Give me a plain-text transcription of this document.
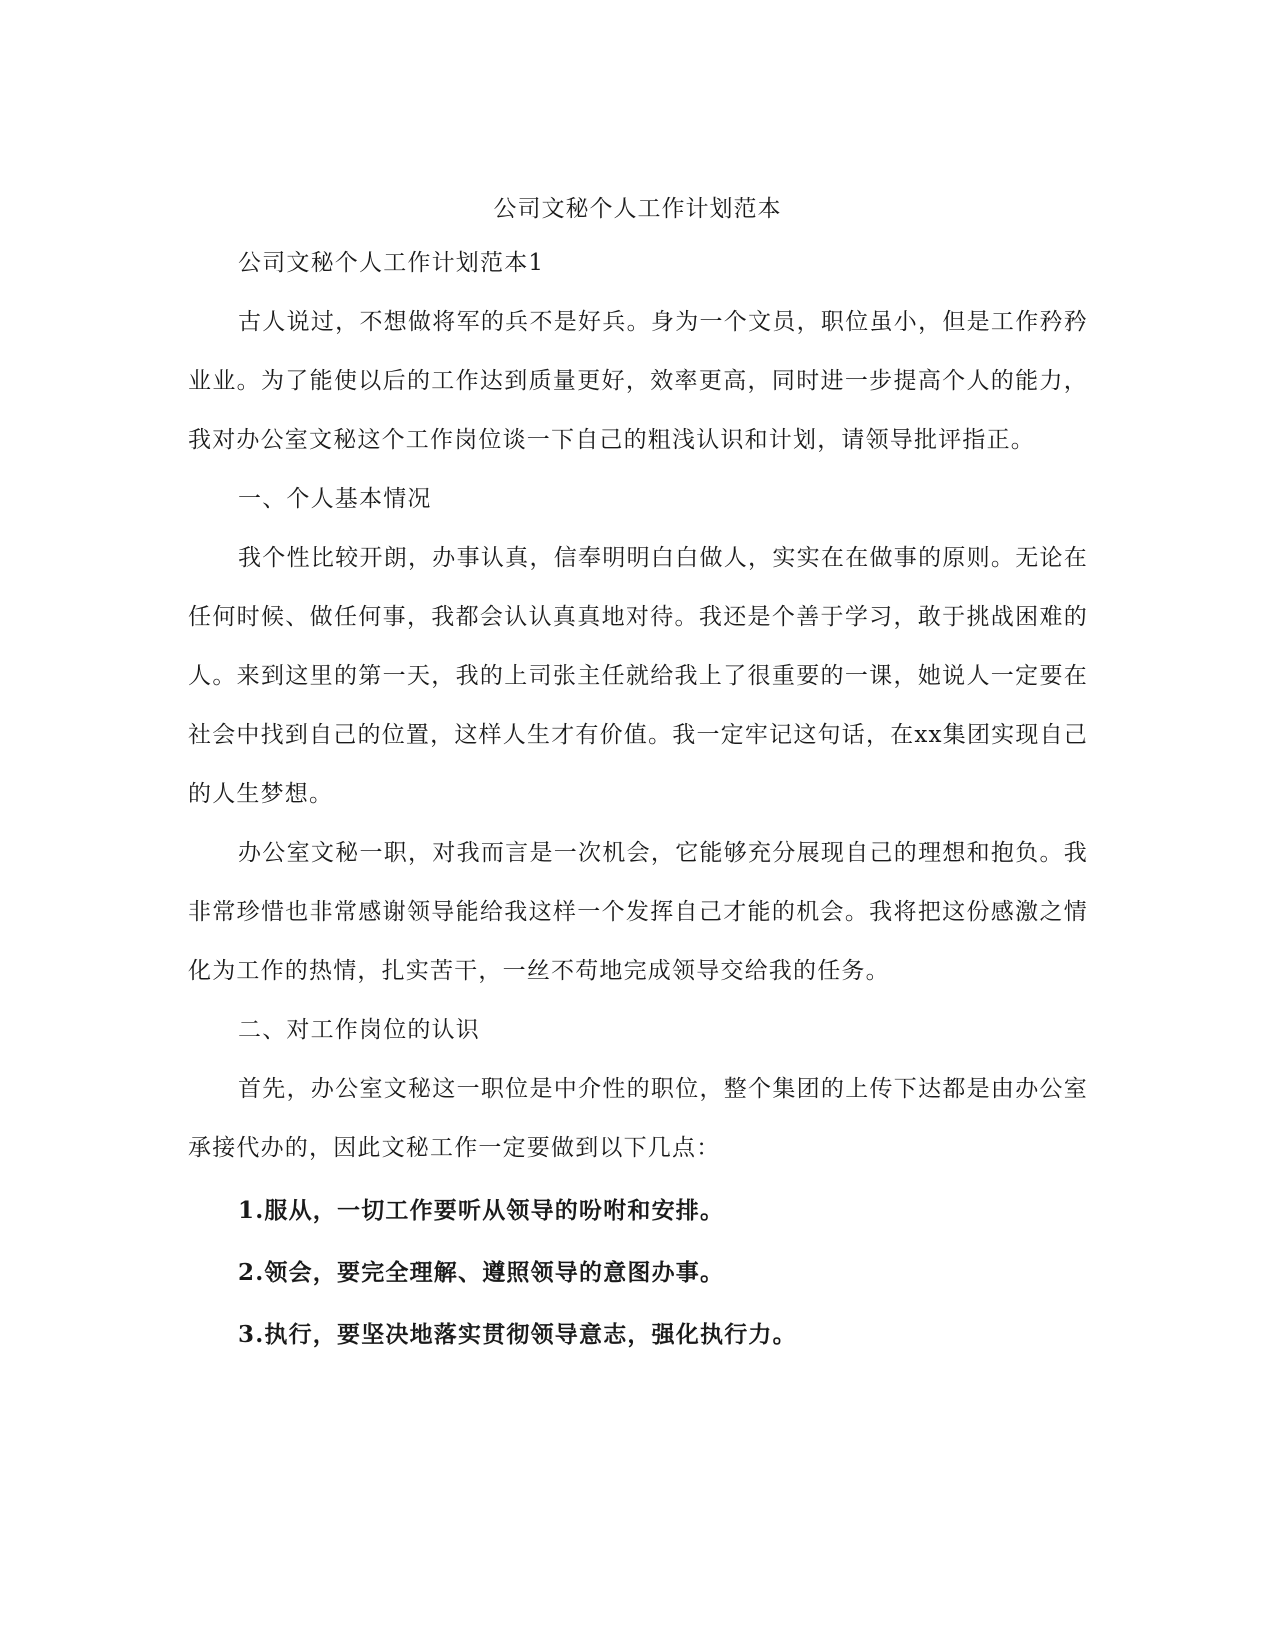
公司文秘个人工作计划范本

公司文秘个人工作计划范本1

古人说过，不想做将军的兵不是好兵。身为一个文员，职位虽小，但是工作矜矜业业。为了能使以后的工作达到质量更好，效率更高，同时进一步提高个人的能力，我对办公室文秘这个工作岗位谈一下自己的粗浅认识和计划，请领导批评指正。

一、个人基本情况

我个性比较开朗，办事认真，信奉明明白白做人，实实在在做事的原则。无论在任何时候、做任何事，我都会认认真真地对待。我还是个善于学习，敢于挑战困难的人。来到这里的第一天，我的上司张主任就给我上了很重要的一课，她说人一定要在社会中找到自己的位置，这样人生才有价值。我一定牢记这句话，在xx集团实现自己的人生梦想。

办公室文秘一职，对我而言是一次机会，它能够充分展现自己的理想和抱负。我非常珍惜也非常感谢领导能给我这样一个发挥自己才能的机会。我将把这份感激之情化为工作的热情，扎实苦干，一丝不苟地完成领导交给我的任务。

二、对工作岗位的认识

首先，办公室文秘这一职位是中介性的职位，整个集团的上传下达都是由办公室承接代办的，因此文秘工作一定要做到以下几点：

1.服从，一切工作要听从领导的吩咐和安排。

2.领会，要完全理解、遵照领导的意图办事。

3.执行，要坚决地落实贯彻领导意志，强化执行力。
